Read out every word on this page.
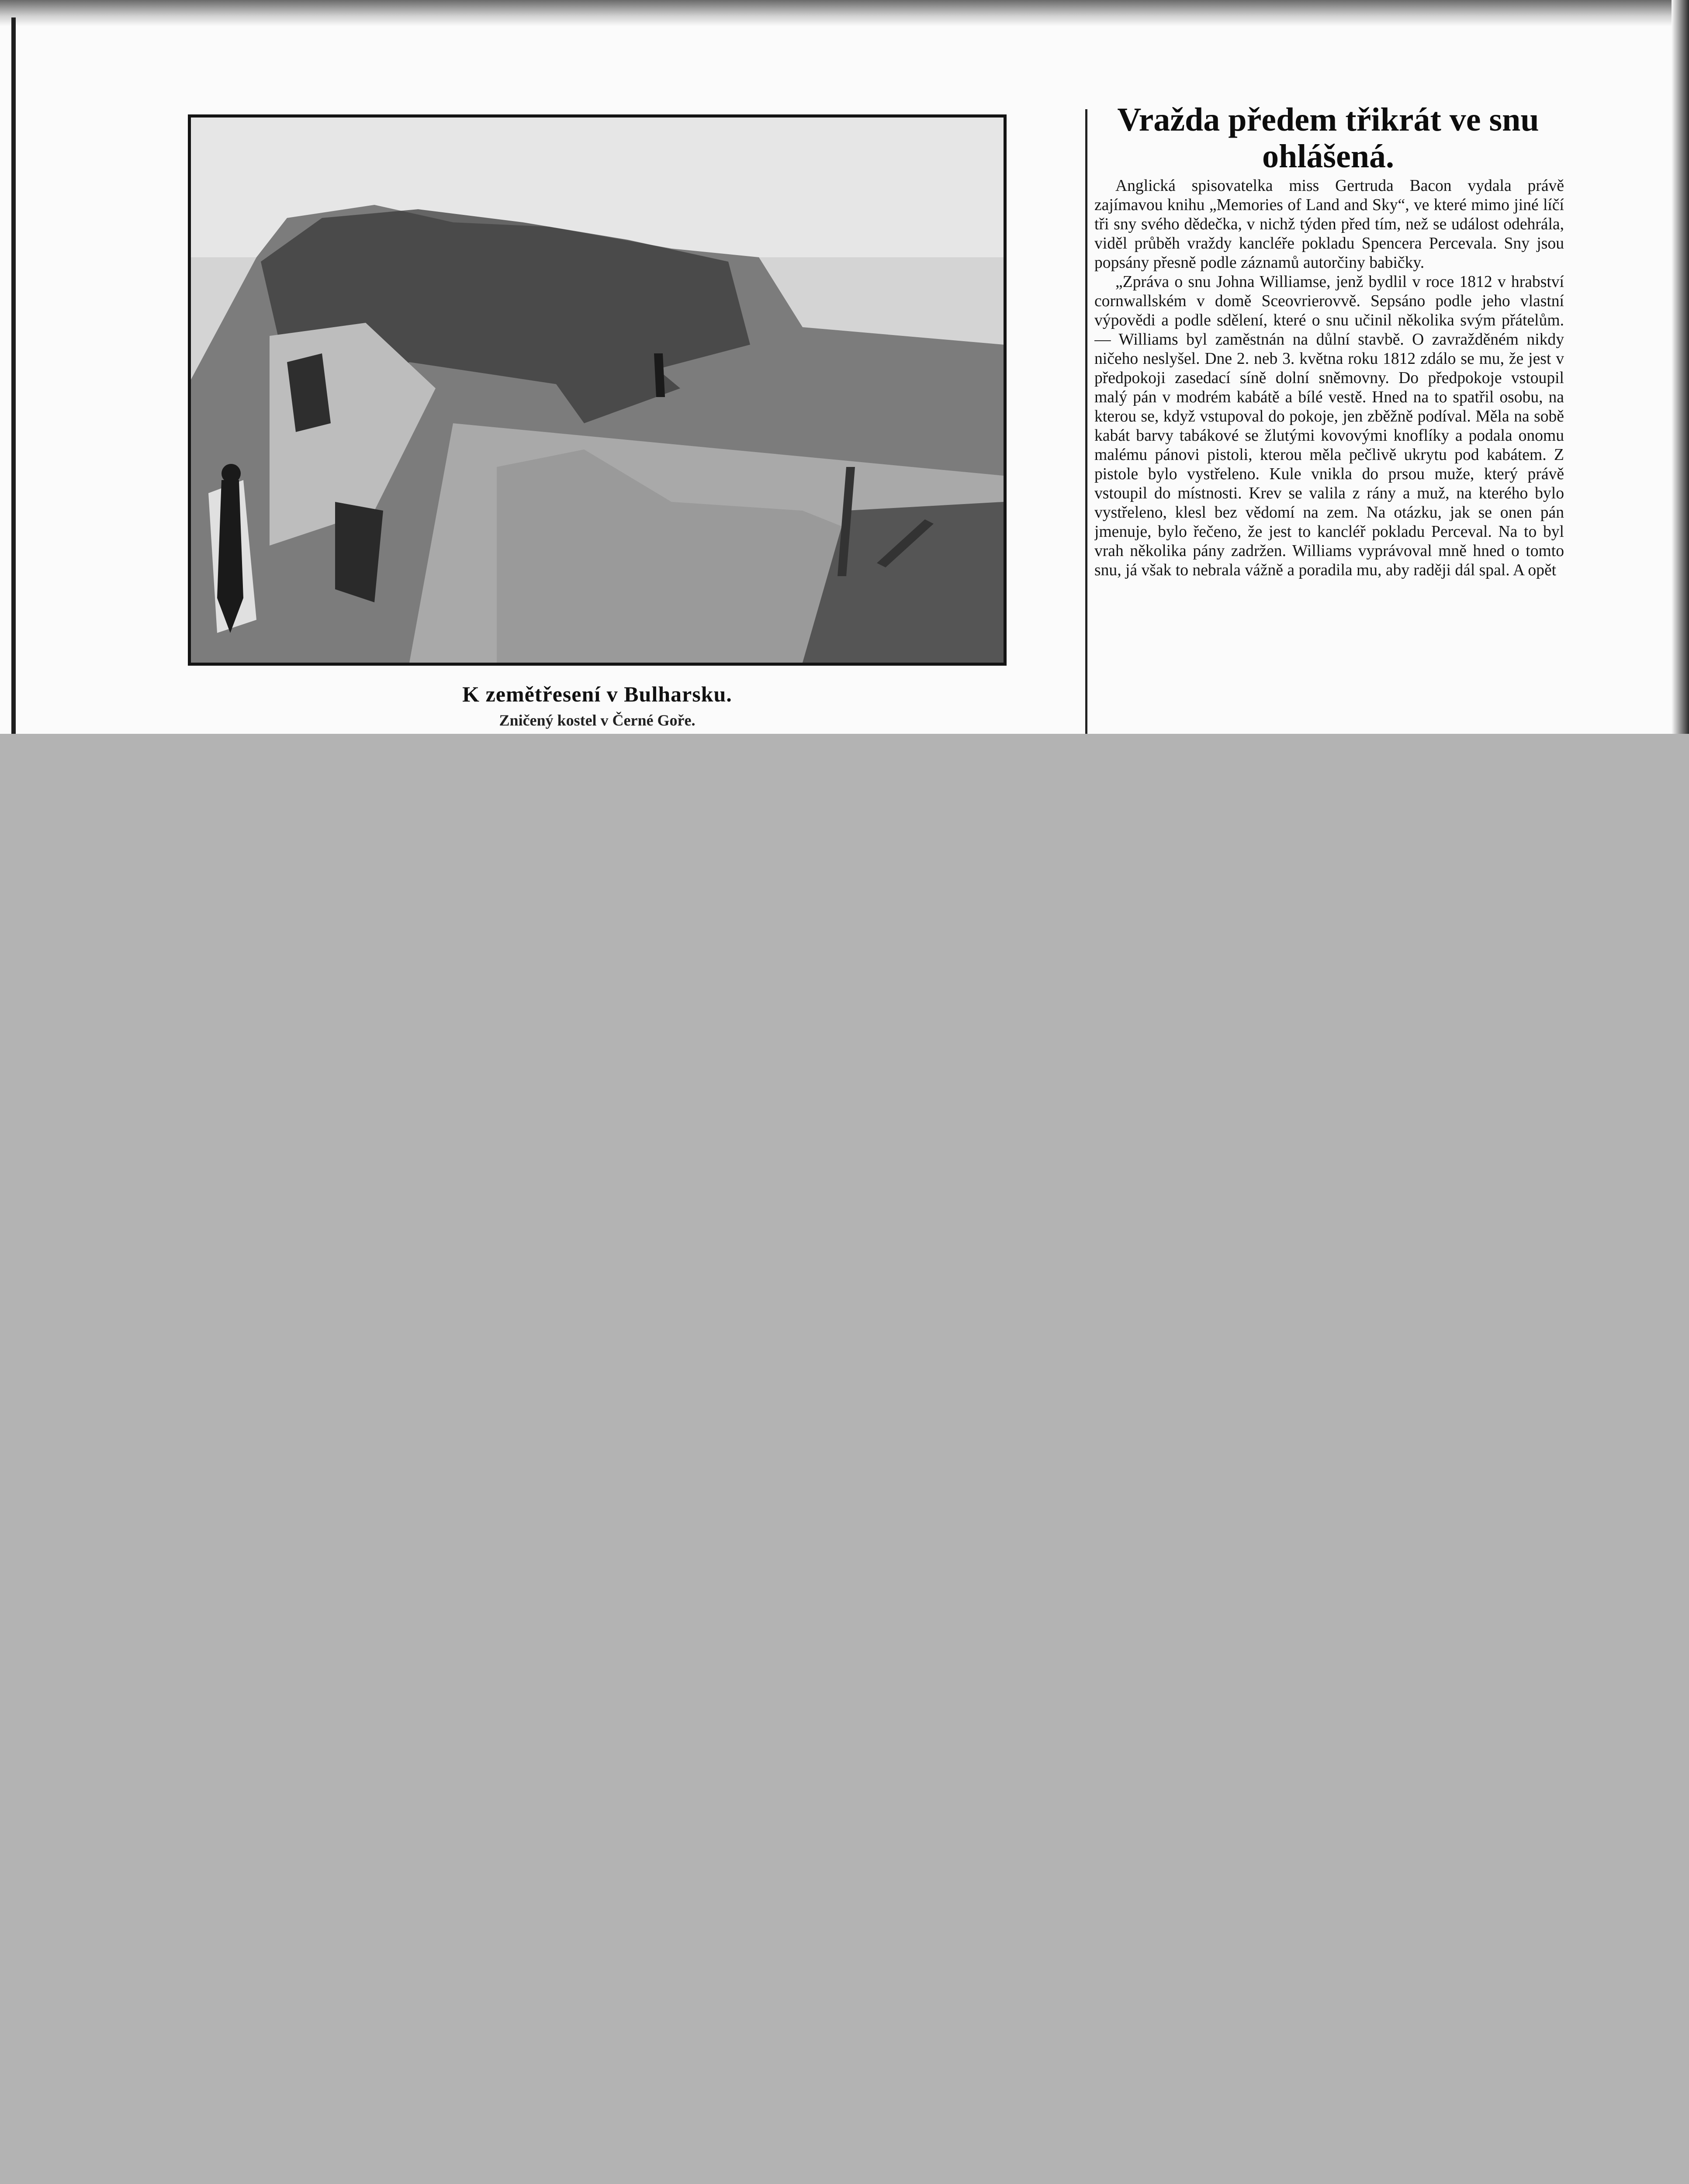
K zemětřesení v Bulharsku.
Zničený kostel v Černé Goře.
Vražda předem třikrát ve snu
ohlášená.

Anglická spisovatelka miss Gertruda Bacon vydala právě zajímavou knihu „Memories of Land and Sky“, ve které mimo jiné líčí tři sny svého dědečka, v nichž týden před tím, než se událost odehrála, viděl průběh vraždy kancléře pokladu Spencera Percevala. Sny jsou popsány přesně podle záznamů autorčiny babičky.

„Zpráva o snu Johna Williamse, jenž bydlil v roce 1812 v hrabství cornwallském v domě Sceovrierovvě. Sepsáno podle jeho vlastní výpovědi a podle sdělení, které o snu učinil několika svým přátelům. — Williams byl zaměstnán na důlní stavbě. O zavražděném nikdy ničeho neslyšel. Dne 2. neb 3. května roku 1812 zdálo se mu, že jest v předpokoji zasedací síně dolní sněmovny. Do předpokoje vstoupil malý pán v modrém kabátě a bílé vestě. Hned na to spatřil osobu, na kterou se, když vstupoval do pokoje, jen zběžně podíval. Měla na sobě kabát barvy tabákové se žlutými kovovými knoflíky a podala onomu malému pánovi pistoli, kterou měla pečlivě ukrytu pod kabátem. Z pistole bylo vystřeleno. Kule vnikla do prsou muže, který právě vstoupil do místnosti. Krev se valila z rány a muž, na kterého bylo vystřeleno, klesl bez vědomí na zem. Na otázku, jak se onen pán jmenuje, bylo řečeno, že jest to kancléř pokladu Perceval. Na to byl vrah několika pány zadržen. Williams vyprávoval mně hned o tomto snu, já však to nebrala vážně a poradila mu, aby raději dál spal. A opět
